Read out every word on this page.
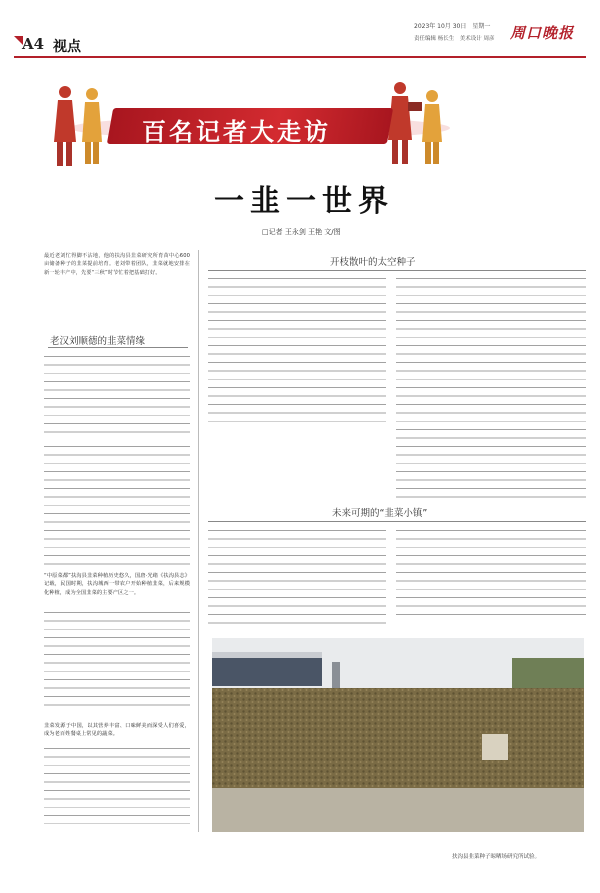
A4 视点
2023年 10月 30日　星期一
责任编辑 杨长生　美术设计 周彦 周口晚报
百名记者大走访
一韭一世界
□记者 王永剑 王艳 文/图
最近老刘忙得脚不沾地，他的扶沟县韭菜研究所育苗中心600亩储备种子的韭菜提前培育。老刘带着团队，韭菜就地安排在新一轮丰产中，先要“三秋”时节忙着把基础打好。
老汉刘顺德的韭菜情缘
“中原菜都”扶沟县韭菜种植历史悠久，国唐·光绪《扶沟县志》记载，民国时期，扶沟城西一带农户开始种植韭菜，后来规模化种植，成为全国韭菜的主要产区之一。
韭菜发源于中国，以其营养丰富、口味鲜美而深受人们喜爱，成为老百姓餐桌上常见的蔬菜。
开枝散叶的太空种子
未来可期的“韭菜小镇”
扶沟县韭菜种子晾晒场研究所试验。
